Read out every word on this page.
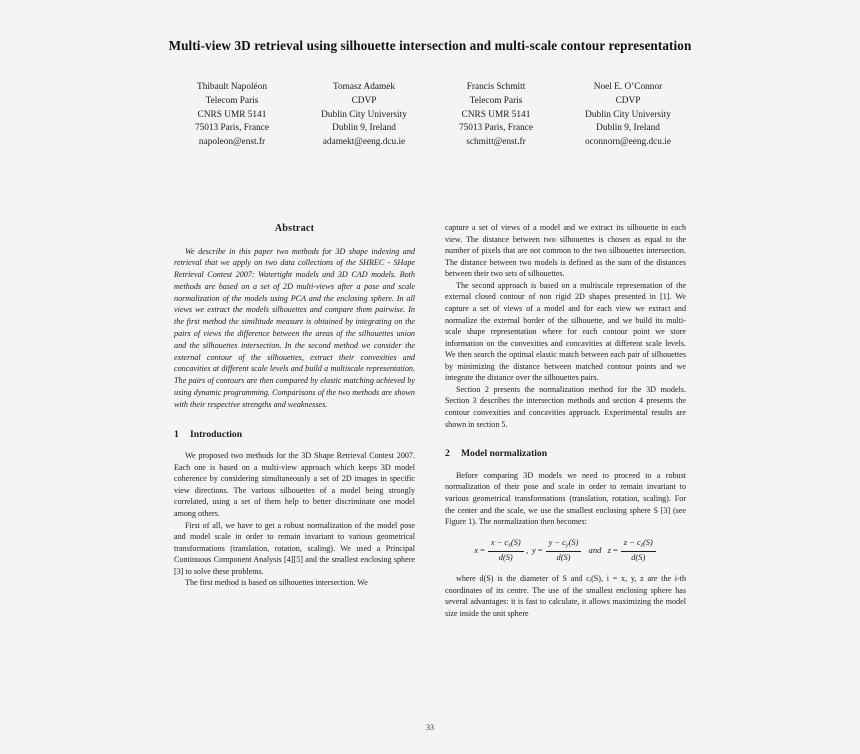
Multi-view 3D retrieval using silhouette intersection and multi-scale contour representation
Thibault Napoléon
Telecom Paris
CNRS UMR 5141
75013 Paris, France
napoleon@enst.fr
Tomasz Adamek
CDVP
Dublin City University
Dublin 9, Ireland
adamekt@eeng.dcu.ie
Francis Schmitt
Telecom Paris
CNRS UMR 5141
75013 Paris, France
schmitt@enst.fr
Noel E. O’Connor
CDVP
Dublin City University
Dublin 9, Ireland
oconnorn@eeng.dcu.ie
Abstract
We describe in this paper two methods for 3D shape indexing and retrieval that we apply on two data collections of the SHREC - SHape Retrieval Contest 2007: Watertight models and 3D CAD models. Both methods are based on a set of 2D multi-views after a pose and scale normalization of the models using PCA and the enclosing sphere. In all views we extract the models silhouettes and compare them pairwise. In the first method the similitude measure is obtained by integrating on the pairs of views the difference between the areas of the silhouettes union and the silhouettes intersection. In the second method we consider the external contour of the silhouettes, extract their convexities and concavities at different scale levels and build a multiscale representation. The pairs of contours are then compared by elastic matching achieved by using dynamic programming. Comparisons of the two methods are shown with their respective strengths and weaknesses.
1 Introduction

We proposed two methods for the 3D Shape Retrieval Contest 2007. Each one is based on a multi-view approach which keeps 3D model coherence by considering simultaneously a set of 2D images in specific view directions. The various silhouettes of a model being strongly correlated, using a set of them help to better discriminate one model among others.

First of all, we have to get a robust normalization of the model pose and model scale in order to remain invariant to various geometrical transformations (translation, rotation, scaling). We used a Principal Continuous Component Analysis [4][5] and the smallest enclosing sphere [3] to solve these problems.

The first method is based on silhouettes intersection. We

capture a set of views of a model and we extract its silhouette in each view. The distance between two silhouettes is chosen as equal to the number of pixels that are not common to the two silhouettes intersection. The distance between two models is defined as the sum of the distances between their two sets of silhouettes.

The second approach is based on a multiscale representation of the external closed contour of non rigid 2D shapes presented in [1]. We capture a set of views of a model and for each view we extract and normalize the external border of the silhouette, and we build its multi-scale shape representation where for each contour point we store information on the convexities and concavities at different scale levels. We then search the optimal elastic match between each pair of silhouettes by minimizing the distance between matched contour points and we integrate the distance over the silhouettes pairs.

Section 2 presents the normalization method for the 3D models. Section 3 describes the intersection methods and section 4 presents the contour convexities and concavities approach. Experimental results are shown in section 5.

2 Model normalization

Before comparing 3D models we need to proceed to a robust normalization of their pose and scale in order to remain invariant to various geometrical transformations (translation, rotation, scaling). For the center and the scale, we use the smallest enclosing sphere S [3] (see Figure 1). The normalization then becomes:

$x = \frac{x - c_x(S)}{d(S)}$ , $y = \frac{y - c_y(S)}{d(S)}$ and $z = \frac{z - c_z(S)}{d(S)}$

where d(S) is the diameter of S and cᵢ(S), i = x, y, z are the i-th coordinates of its centre. The use of the smallest enclosing sphere has several advantages: it is fast to calculate, it allows maximizing the model size inside the unit sphere

33
